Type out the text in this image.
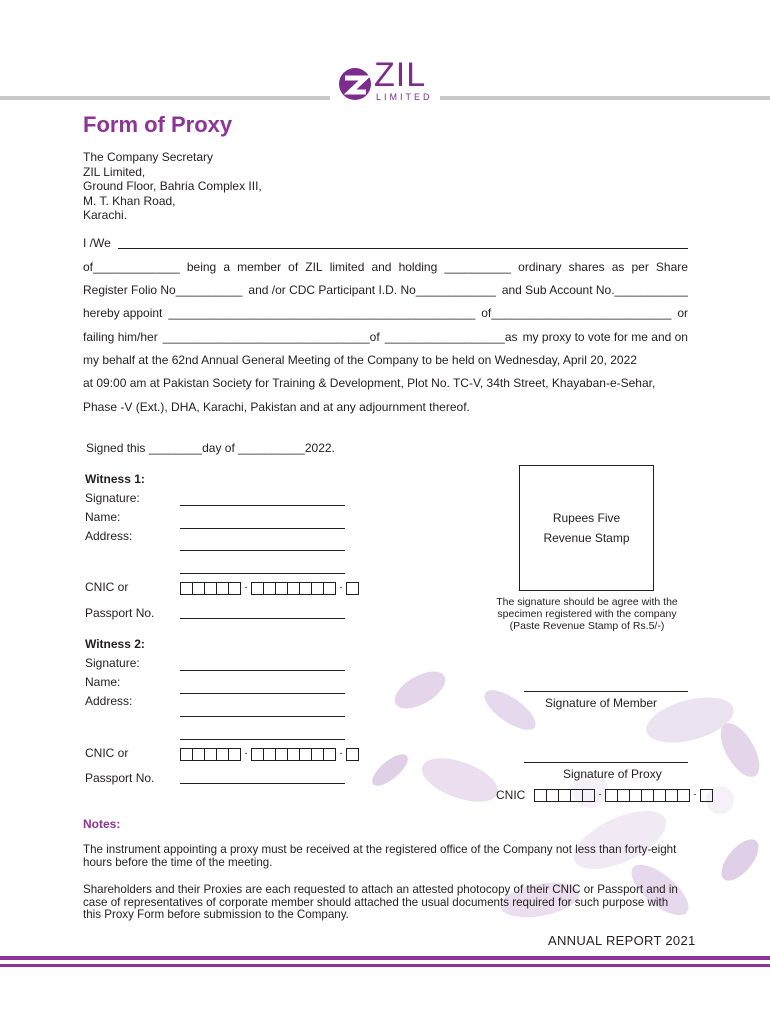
ZIL
LIMITED
Form of Proxy
The Company Secretary
ZIL Limited,
Ground Floor, Bahria Complex III,
M. T. Khan Road,
Karachi.
I /We
of_____________ being a member of ZIL limited and holding __________ ordinary shares as per Share
Register Folio No__________ and /or CDC Participant I.D. No____________ and Sub Account No.___________
hereby appoint ______________________________________________ of___________________________ or
failing him/her _______________________________of __________________as my proxy to vote for me and on
my behalf at the 62nd Annual General Meeting of the Company to be held on Wednesday, April 20, 2022
at 09:00 am at Pakistan Society for Training & Development, Plot No. TC-V, 34th Street, Khayaban-e-Sehar,
Phase -V (Ext.), DHA, Karachi, Pakistan and at any adjournment thereof.
Signed this ________day of __________2022.
Witness 1:
Signature:
Name:
Address:
CNIC or	-	-
Passport No.
Witness 2:
Signature:
Name:
Address:
CNIC or	-	-
Passport No.
Rupees Five
Revenue Stamp
The signature should be agree with the
specimen registered with the company
(Paste Revenue Stamp of Rs.5/-)
Signature of Member
Signature of Proxy
CNIC	-	-
Notes:
The instrument appointing a proxy must be received at the registered office of the Company not less than forty-eight hours before the time of the meeting.
Shareholders and their Proxies are each requested to attach an attested photocopy of their CNIC or Passport and in case of representatives of corporate member should attached the usual documents required for such purpose with this Proxy Form before submission to the Company.
ANNUAL REPORT 2021
